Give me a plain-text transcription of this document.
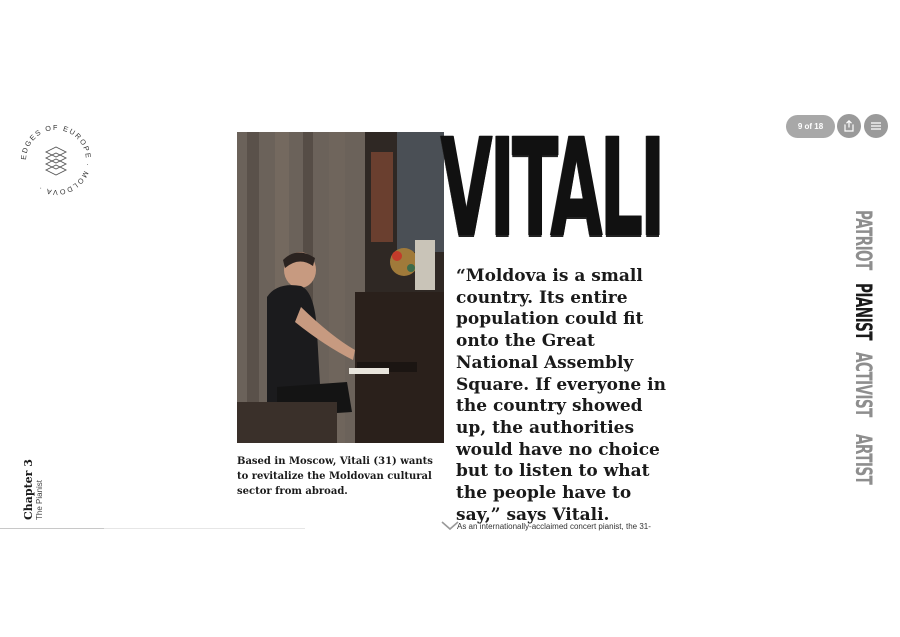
EDGES OF EUROPE · MOLDOVA ·
Chapter 3 The Pianist
Based in Moscow, Vitali (31) wants to revitalize the Moldovan cultural sector from abroad.
VITALI
“Moldova is a small country. Its entire population could fit onto the Great National Assembly Square. If everyone in the country showed up, the authorities would have no choice but to listen to what the people have to say,” says Vitali.
As an internationally-acclaimed concert pianist, the 31-
9 of 18
PATRIOT
PIANIST
ACTIVIST
ARTIST
